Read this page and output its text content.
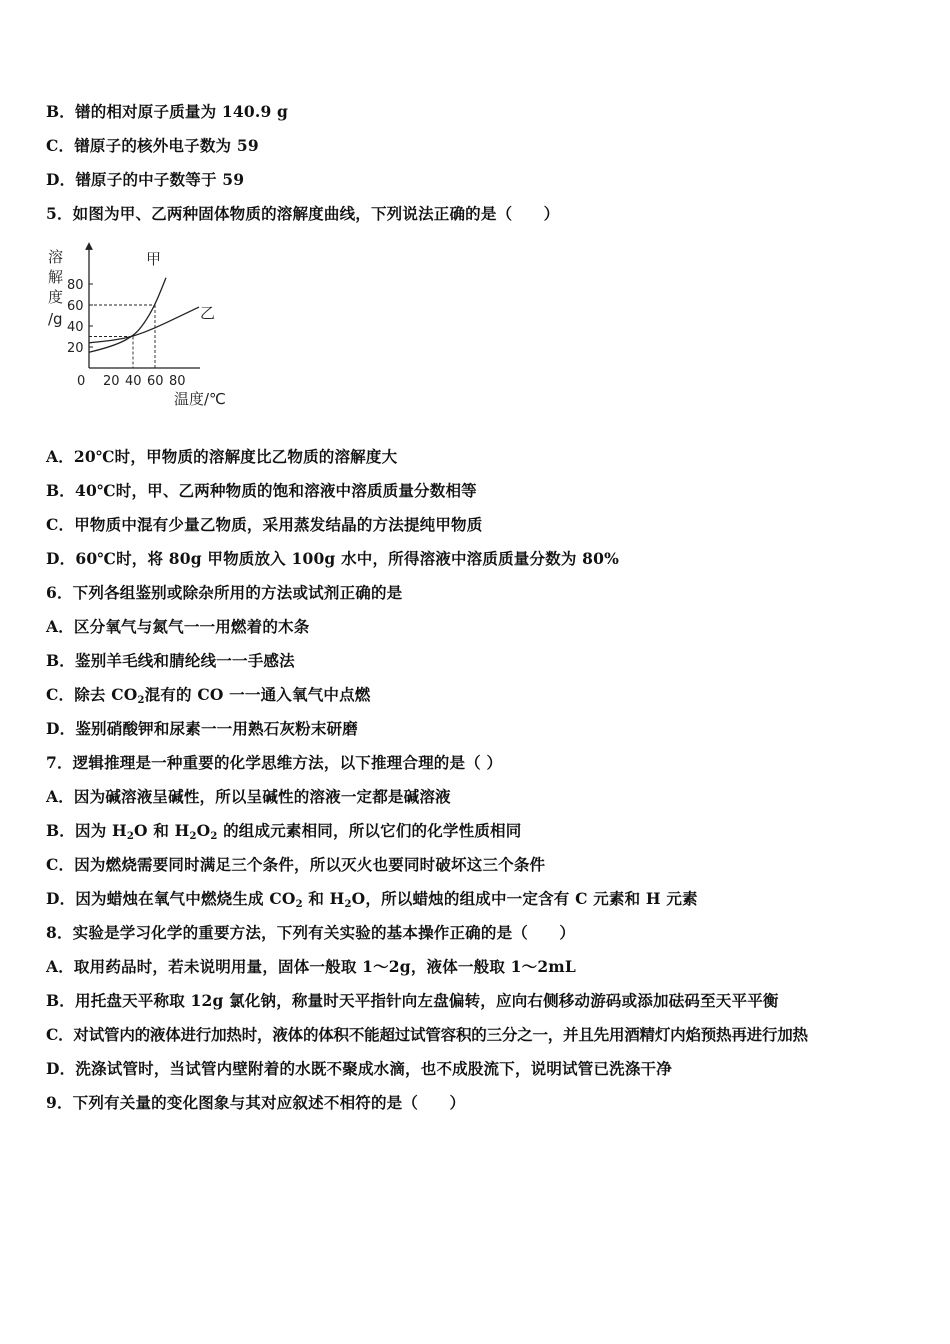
B．镨的相对原子质量为 140.9 g
C．镨原子的核外电子数为 59
D．镨原子的中子数等于 59
5．如图为甲、乙两种固体物质的溶解度曲线，下列说法正确的是（　　）
溶
解
度
/g
20
40
60
80
0 20 40 60 80
甲
乙
温度/℃
A．20℃时，甲物质的溶解度比乙物质的溶解度大
B．40℃时，甲、乙两种物质的饱和溶液中溶质质量分数相等
C．甲物质中混有少量乙物质，采用蒸发结晶的方法提纯甲物质
D．60℃时，将 80g 甲物质放入 100g 水中，所得溶液中溶质质量分数为 80%
6．下列各组鉴别或除杂所用的方法或试剂正确的是
A．区分氧气与氮气一一用燃着的木条
B．鉴别羊毛线和腈纶线一一手感法
C．除去 $CO_2$混有的 CO 一一通入氧气中点燃
D．鉴别硝酸钾和尿素一一用熟石灰粉末研磨
7．逻辑推理是一种重要的化学思维方法，以下推理合理的是（ ）
A．因为碱溶液呈碱性，所以呈碱性的溶液一定都是碱溶液
B．因为 $H_2O$ 和 $H_2O_2$ 的组成元素相同，所以它们的化学性质相同
C．因为燃烧需要同时满足三个条件，所以灭火也要同时破坏这三个条件
D．因为蜡烛在氧气中燃烧生成 $CO_2$ 和 $H_2O$，所以蜡烛的组成中一定含有 C 元素和 H 元素
8．实验是学习化学的重要方法，下列有关实验的基本操作正确的是（　　）
A．取用药品时，若未说明用量，固体一般取 1～2g，液体一般取 1～2mL
B．用托盘天平称取 12g 氯化钠，称量时天平指针向左盘偏转，应向右侧移动游码或添加砝码至天平平衡
C．对试管内的液体进行加热时，液体的体积不能超过试管容积的三分之一，并且先用酒精灯内焰预热再进行加热
D．洗涤试管时，当试管内壁附着的水既不聚成水滴，也不成股流下，说明试管已洗涤干净
9．下列有关量的变化图象与其对应叙述不相符的是（　　）
